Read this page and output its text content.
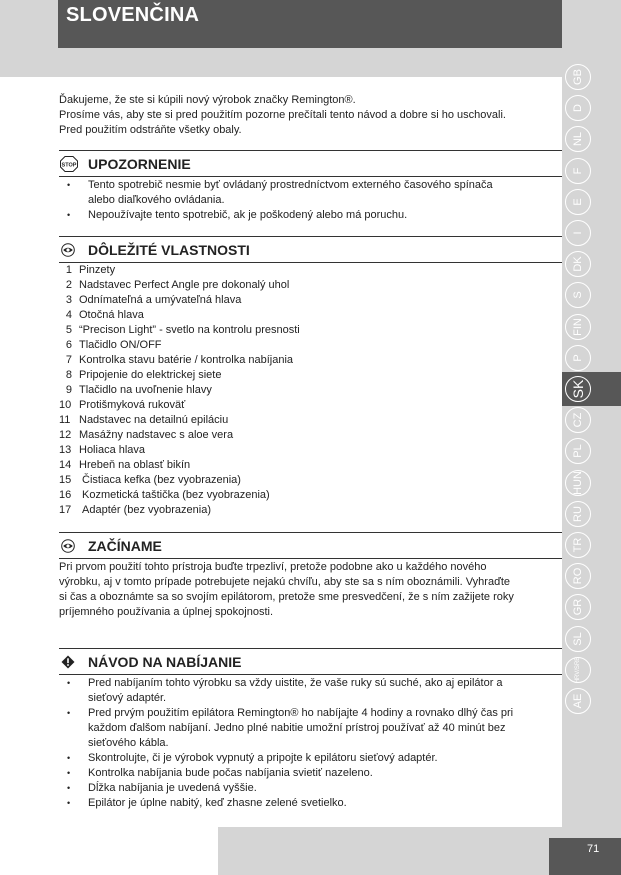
SLOVENČINA
Ďakujeme, že ste si kúpili nový výrobok značky Remington®.
Prosíme vás, aby ste si pred použitím pozorne prečítali tento návod a dobre si ho uschovali.
Pred použitím odstráňte všetky obaly.
STOP UPOZORNENIE
• Tento spotrebič nesmie byť ovládaný prostredníctvom externého časového spínača
alebo diaľkového ovládania.
• Nepoužívajte tento spotrebič, ak je poškodený alebo má poruchu.
DÔLEŽITÉ VLASTNOSTI
1 Pinzety
2 Nadstavec Perfect Angle pre dokonalý uhol
3 Odnímateľná a umývateľná hlava
4 Otočná hlava
5 “Precison Light” - svetlo na kontrolu presnosti
6 Tlačidlo ON/OFF
7 Kontrolka stavu batérie / kontrolka nabíjania
8 Pripojenie do elektrickej siete
9 Tlačidlo na uvoľnenie hlavy
10 Protišmyková rukoväť
11 Nadstavec na detailnú epiláciu
12 Masážny nadstavec s aloe vera
13 Holiaca hlava
14 Hrebeň na oblasť bikín
15 Čistiaca kefka (bez vyobrazenia)
16 Kozmetická taštička (bez vyobrazenia)
17 Adaptér (bez vyobrazenia)
ZAČÍNAME
Pri prvom použití tohto prístroja buďte trpezliví, pretože podobne ako u každého nového
výrobku, aj v tomto prípade potrebujete nejakú chvíľu, aby ste sa s ním oboznámili. Vyhraďte
si čas a oboznámte sa so svojím epilátorom, pretože sme presvedčení, že s ním zažijete roky
príjemného používania a úplnej spokojnosti.
NÁVOD NA NABÍJANIE
• Pred nabíjaním tohto výrobku sa vždy uistite, že vaše ruky sú suché, ako aj epilátor a
sieťový adaptér.
• Pred prvým použitím epilátora Remington® ho nabíjajte 4 hodiny a rovnako dlhý čas pri
každom ďalšom nabíjaní. Jedno plné nabitie umožní prístroj používať až 40 minút bez
sieťového kábla.
• Skontrolujte, či je výrobok vypnutý a pripojte k epilátoru sieťový adaptér.
• Kontrolka nabíjania bude počas nabíjania svietiť nazeleno.
• Dĺžka nabíjania je uvedená vyššie.
• Epilátor je úplne nabitý, keď zhasne zelené svetielko.
GB
D
NL
F
E
I
DK
S
FIN
P
SK
CZ
PL
HUN
RU
TR
RO
GR
SL
HRV/SRB
AE
71
